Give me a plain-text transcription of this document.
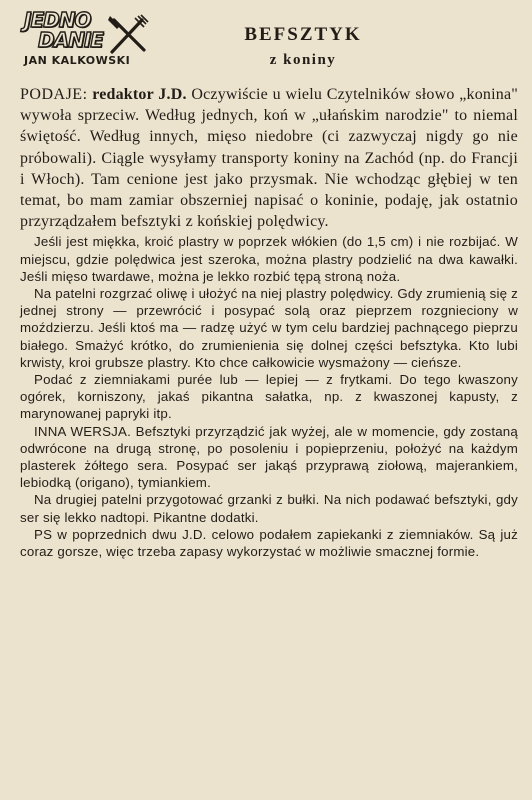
JEDNO
DANIE
JAN KALKOWSKI
BEFSZTYK
z koniny

PODAJE: redaktor J.D. Oczywiście u wielu Czytelników słowo „konina" wywoła sprzeciw. Według jednych, koń w „ułańskim narodzie" to niemal świętość. Według innych, mięso niedobre (ci zazwyczaj nigdy go nie próbowali). Ciągle wysyłamy transporty koniny na Zachód (np. do Francji i Włoch). Tam cenione jest jako przysmak. Nie wchodząc głębiej w ten temat, bo mam zamiar obszerniej napisać o koninie, podaję, jak ostatnio przyrządzałem befsztyki z końskiej polędwicy.

Jeśli jest miękka, kroić plastry w poprzek włókien (do 1,5 cm) i nie rozbijać. W miejscu, gdzie polędwica jest szeroka, można plastry podzielić na dwa kawałki. Jeśli mięso twardawe, można je lekko rozbić tępą stroną noża.

Na patelni rozgrzać oliwę i ułożyć na niej plastry polędwicy. Gdy zrumienią się z jednej strony — przewrócić i posypać solą oraz pieprzem rozgnieciony w moździerzu. Jeśli ktoś ma — radzę użyć w tym celu bardziej pachnącego pieprzu białego. Smażyć krótko, do zrumienienia się dolnej części befsztyka. Kto lubi krwisty, kroi grubsze plastry. Kto chce całkowicie wysmażony — cieńsze.

Podać z ziemniakami purée lub — lepiej — z frytkami. Do tego kwaszony ogórek, korniszony, jakaś pikantna sałatka, np. z kwaszonej kapusty, z marynowanej papryki itp.

INNA WERSJA. Befsztyki przyrządzić jak wyżej, ale w momencie, gdy zostaną odwrócone na drugą stronę, po posoleniu i popieprzeniu, położyć na każdym plasterek żółtego sera. Posypać ser jakąś przyprawą ziołową, majerankiem, lebiodką (origano), tymiankiem.

Na drugiej patelni przygotować grzanki z bułki. Na nich podawać befsztyki, gdy ser się lekko nadtopi. Pikantne dodatki.

PS w poprzednich dwu J.D. celowo podałem zapiekanki z ziemniaków. Są już coraz gorsze, więc trzeba zapasy wykorzystać w możliwie smacznej formie.
